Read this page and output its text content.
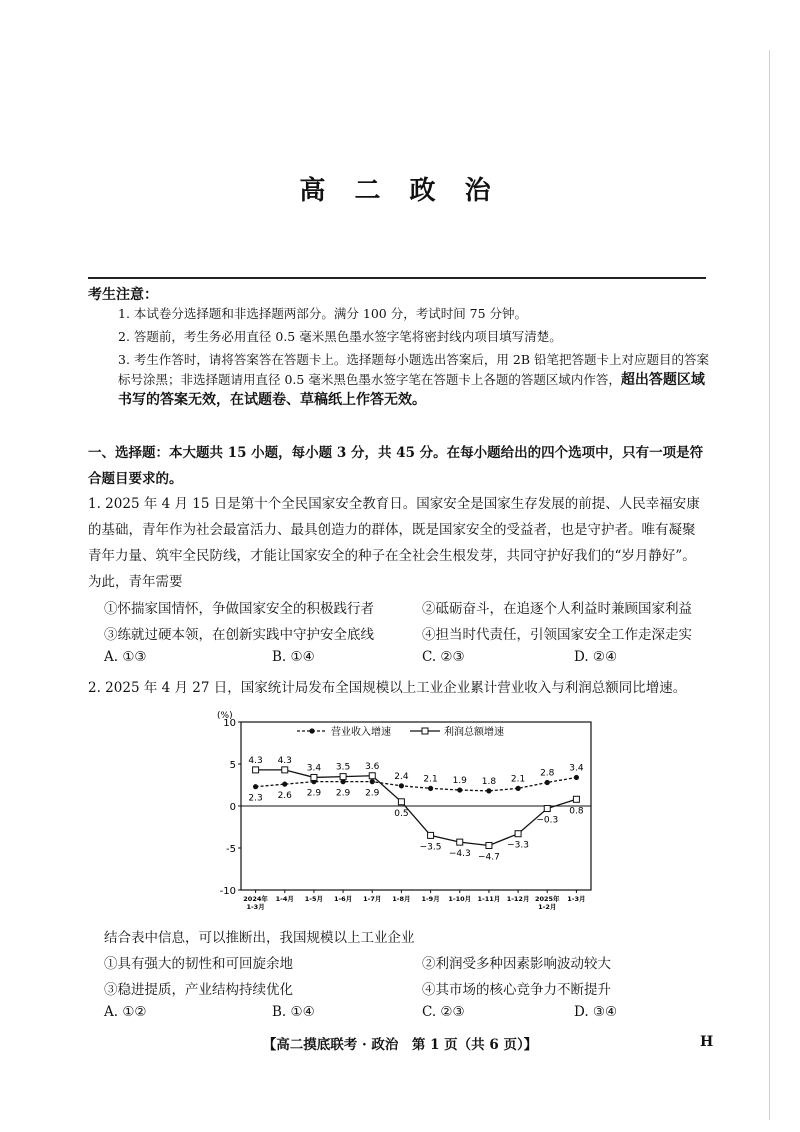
高 二 政 治
考生注意：
1. 本试卷分选择题和非选择题两部分。满分 100 分，考试时间 75 分钟。
2. 答题前，考生务必用直径 0.5 毫米黑色墨水签字笔将密封线内项目填写清楚。
3. 考生作答时，请将答案答在答题卡上。选择题每小题选出答案后，用 2B 铅笔把答题卡上对应题目的答案标号涂黑；非选择题请用直径 0.5 毫米黑色墨水签字笔在答题卡上各题的答题区域内作答，超出答题区域书写的答案无效，在试题卷、草稿纸上作答无效。
一、选择题：本大题共 15 小题，每小题 3 分，共 45 分。在每小题给出的四个选项中，只有一项是符合题目要求的。
1. 2025 年 4 月 15 日是第十个全民国家安全教育日。国家安全是国家生存发展的前提、人民幸福安康的基础，青年作为社会最富活力、最具创造力的群体，既是国家安全的受益者，也是守护者。唯有凝聚青年力量、筑牢全民防线，才能让国家安全的种子在全社会生根发芽，共同守护好我们的“岁月静好”。为此，青年需要
①怀揣家国情怀，争做国家安全的积极践行者	②砥砺奋斗，在追逐个人利益时兼顾国家利益
③练就过硬本领，在创新实践中守护安全底线	④担当时代责任，引领国家安全工作走深走实
A. ①③	B. ①④	C. ②③	D. ②④
2. 2025 年 4 月 27 日，国家统计局发布全国规模以上工业企业累计营业收入与利润总额同比增速。
(%)
10
5
0
-5
-10
2024年 1-3月
1-4月 1-5月 1-6月 1-7月 1-8月 1-9月 1-10月 1-11月 1-12月 2025年 1-2月
1-3月
营业收入增速	利润总额增速
2.3 2.6 2.9 2.9 2.9
2.4 2.1 1.9 1.8 2.1
2.8
3.4
4.3 4.3
3.4 3.5 3.6
0.5
−3.5
−4.3 −4.7
−3.3
−0.3
0.8
结合表中信息，可以推断出，我国规模以上工业企业
①具有强大的韧性和可回旋余地	②利润受多种因素影响波动较大
③稳进提质，产业结构持续优化	④其市场的核心竞争力不断提升
A. ①②	B. ①④	C. ②③	D. ③④
【高二摸底联考 · 政治　第 1 页（共 6 页）】	H
